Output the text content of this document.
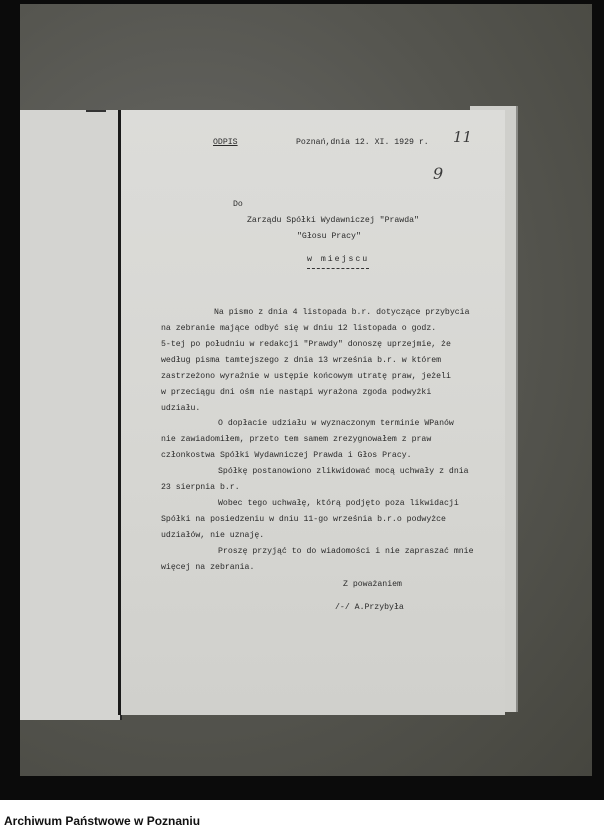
ODPIS	Poznań,dnia 12. XI. 1929 r. 11
9
Do
Zarządu Spółki Wydawniczej "Prawda"
"Głosu Pracy"
w miejscu
Na pismo z dnia 4 listopada b.r. dotyczące przybycia
na zebranie mające odbyć się w dniu 12 listopada o godz.
5-tej po południu w redakcji "Prawdy" donoszę uprzejmie, że
według pisma tamtejszego z dnia 13 września b.r. w którem
zastrzeżono wyraźnie w ustępie końcowym utratę praw, jeżeli
w przeciągu dni ośm nie nastąpi wyrażona zgoda podwyżki
udziału.
O dopłacie udziału w wyznaczonym terminie WPanów
nie zawiadomiłem, przeto tem samem zrezygnowałem z praw
członkostwa Spółki Wydawniczej Prawda i Głos Pracy.
Spółkę postanowiono zlikwidować mocą uchwały z dnia
23 sierpnia b.r.
Wobec tego uchwałę, którą podjęto poza likwidacji
Spółki na posiedzeniu w dniu 11-go września b.r.o podwyżce
udziałów, nie uznaję.
Proszę przyjąć to do wiadomości i nie zapraszać mnie
więcej na zebrania.
Z poważaniem
/-/ A.Przybyła
Archiwum Państwowe w Poznaniu
